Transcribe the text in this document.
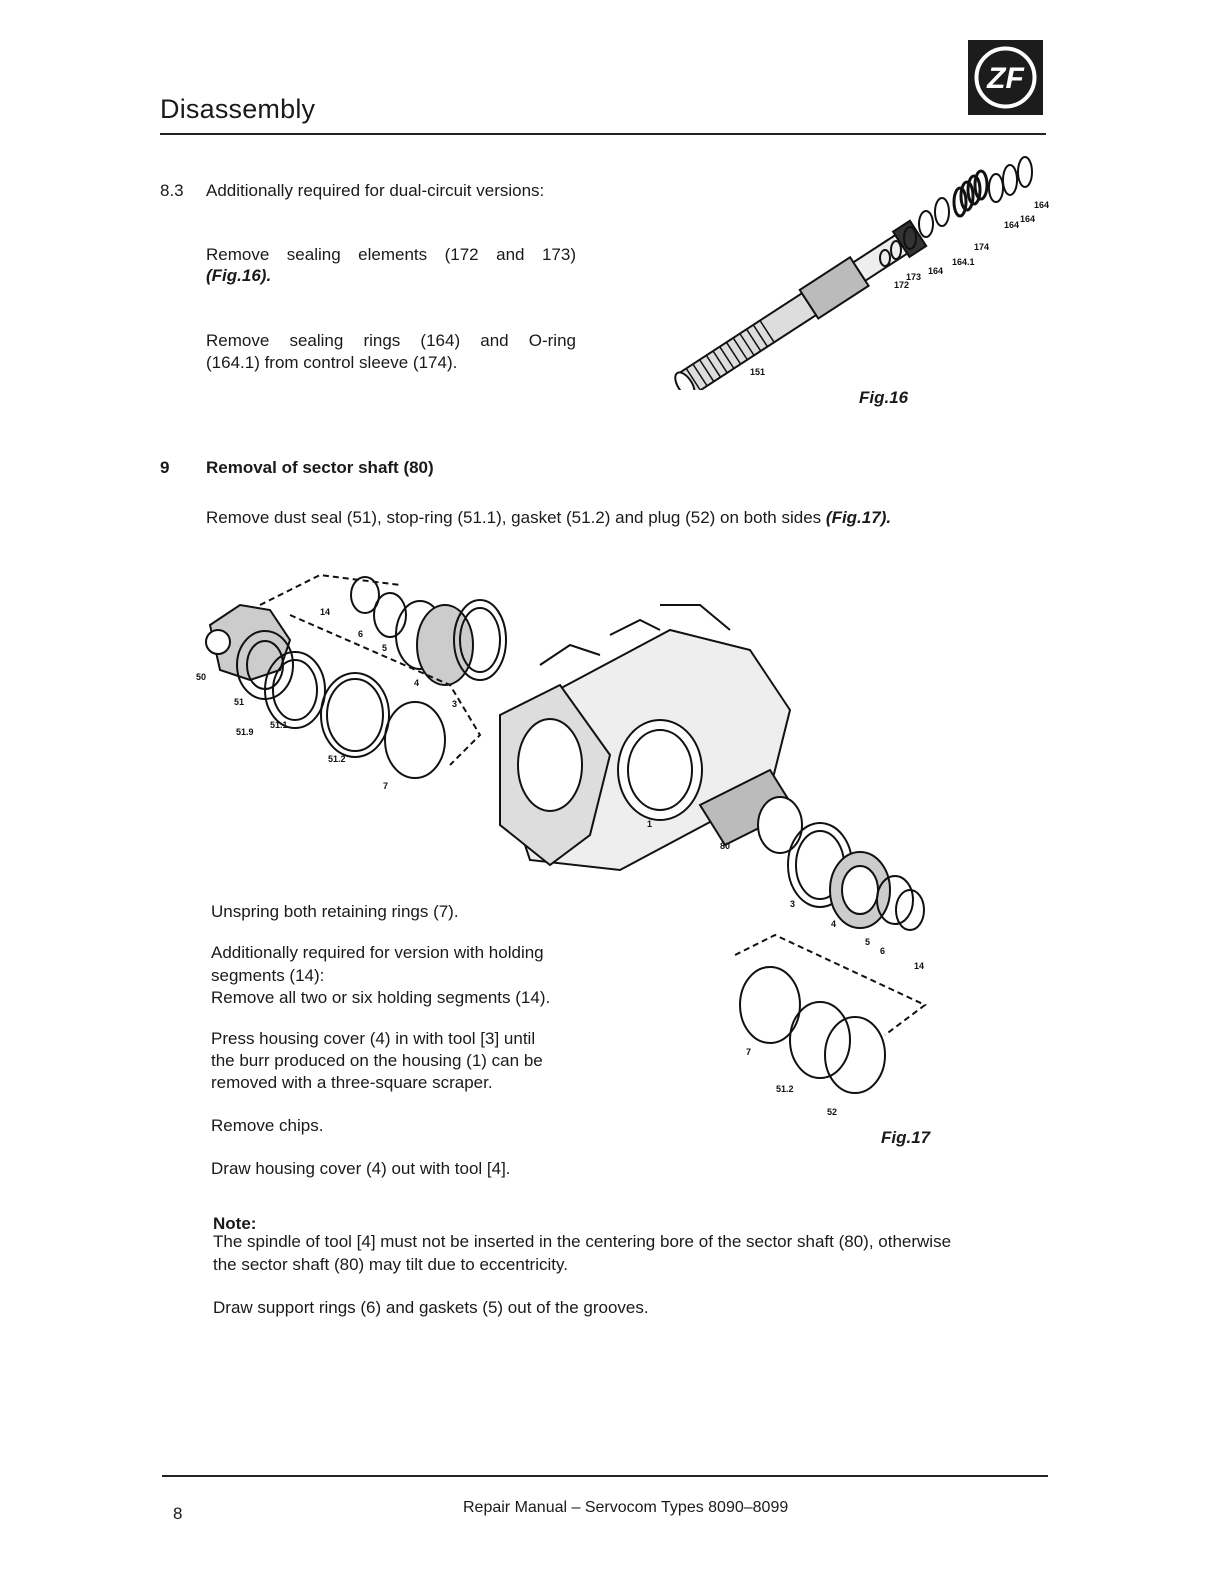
Disassembly
ZF
8.3 Additionally required for dual-circuit versions:
Remove sealing elements (172 and 173)
(Fig.16).
Remove sealing rings (164) and O-ring
(164.1) from control sleeve (174).
164
164
164
174
164.1
172
173
164
151
Fig.16
9 Removal of sector shaft (80)
Remove dust seal (51), stop-ring (51.1), gasket (51.2) and plug (52) on both sides (Fig.17).
14
6
5
4
3
50
51
51.1
51.9
51.2
7
1
80
3
4
5
6
14
7
51.2
52
Fig.17
Unspring both retaining rings (7).
Additionally required for version with holding
segments (14):
Remove all two or six holding segments (14).
Press housing cover (4) in with tool [3] until
the burr produced on the housing (1) can be
removed with a three-square scraper.
Remove chips.
Draw housing cover (4) out with tool [4].
Note:
The spindle of tool [4] must not be inserted in the centering bore of the sector shaft (80), otherwise
the sector shaft (80) may tilt due to eccentricity.
Draw support rings (6) and gaskets (5) out of the grooves.
8	Repair Manual – Servocom Types 8090–8099
